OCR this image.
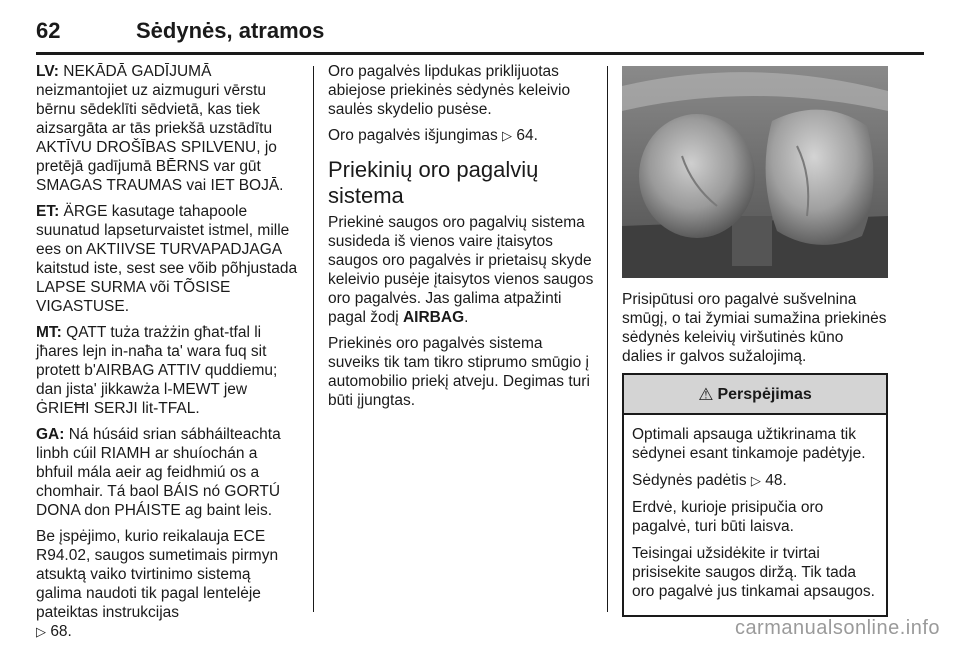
62	Sėdynės, atramos

LV: NEKĀDĀ GADĪJUMĀ neizmantojiet uz aizmuguri vērstu bērnu sēdeklīti sēdvietā, kas tiek aizsargāta ar tās priekšā uzstādītu AKTĪVU DROŠĪBAS SPILVENU, jo pretējā gadījumā BĒRNS var gūt SMAGAS TRAUMAS vai IET BOJĀ.

ET: ÄRGE kasutage tahapoole suunatud lapseturvaistet istmel, mille ees on AKTIIVSE TURVAPADJAGA kaitstud iste, sest see võib põhjustada LAPSE SURMA või TÕSISE VIGASTUSE.

MT: QATT tuża trażżin għat-tfal li jħares lejn in-naħa ta' wara fuq sit protett b'AIRBAG ATTIV quddiemu; dan jista' jikkawża l-MEWT jew ĠRIEĦI SERJI lit-TFAL.

GA: Ná húsáid srian sábháilteachta linbh cúil RIAMH ar shuíochán a bhfuil mála aeir ag feidhmiú os a chomhair. Tá baol BÁIS nó GORTÚ DONA don PHÁISTE ag baint leis.

Be įspėjimo, kurio reikalauja ECE R94.02, saugos sumetimais pirmyn atsuktą vaiko tvirtinimo sistemą galima naudoti tik pagal lentelėje pateiktas instrukcijas
▷ 68.

Oro pagalvės lipdukas priklijuotas abiejose priekinės sėdynės keleivio saulės skydelio pusėse.

Oro pagalvės išjungimas ▷ 64.

Priekinių oro pagalvių sistema

Priekinė saugos oro pagalvių sistema susideda iš vienos vaire įtaisytos saugos oro pagalvės ir prietaisų skyde keleivio pusėje įtaisytos vienos saugos oro pagalvės. Jas galima atpažinti pagal žodį AIRBAG.

Priekinės oro pagalvės sistema suveiks tik tam tikro stiprumo smūgio į automobilio priekį atveju. Degimas turi būti įjungtas.

Prisipūtusi oro pagalvė sušvelnina smūgį, o tai žymiai sumažina priekinės sėdynės keleivių viršutinės kūno dalies ir galvos sužalojimą.

⚠ Perspėjimas

Optimali apsauga užtikrinama tik sėdynei esant tinkamoje padėtyje.

Sėdynės padėtis ▷ 48.

Erdvė, kurioje prisipučia oro pagalvė, turi būti laisva.

Teisingai užsidėkite ir tvirtai prisisekite saugos diržą. Tik tada oro pagalvė jus tinkamai apsaugos.

carmanualsonline.info
